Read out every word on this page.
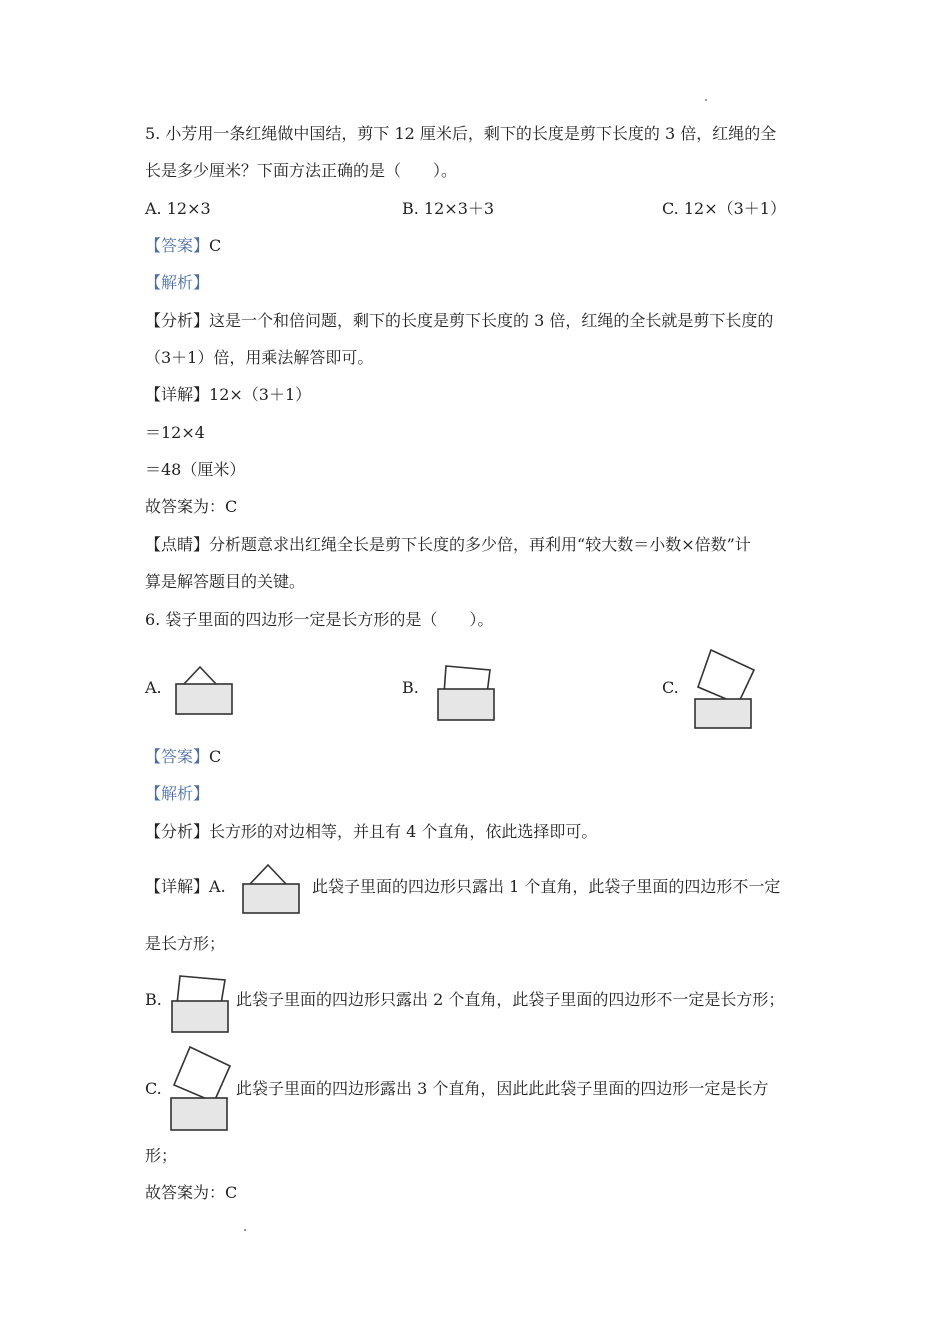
5. 小芳用一条红绳做中国结，剪下 12 厘米后，剩下的长度是剪下长度的 3 倍，红绳的全
长是多少厘米？下面方法正确的是（　　）。
A. 12×3	B. 12×3＋3	C. 12×（3＋1）
【答案】C
【解析】
【分析】这是一个和倍问题，剩下的长度是剪下长度的 3 倍，红绳的全长就是剪下长度的
（3＋1）倍，用乘法解答即可。
【详解】12×（3＋1）
＝12×4
＝48（厘米）
故答案为：C
【点睛】分析题意求出红绳全长是剪下长度的多少倍，再利用“较大数＝小数×倍数”计
算是解答题目的关键。
6. 袋子里面的四边形一定是长方形的是（　　）。
A.	B.	C.
【答案】C
【解析】
【分析】长方形的对边相等，并且有 4 个直角，依此选择即可。
【详解】A.	此袋子里面的四边形只露出 1 个直角，此袋子里面的四边形不一定
是长方形；
B.	此袋子里面的四边形只露出 2 个直角，此袋子里面的四边形不一定是长方形；
C.	此袋子里面的四边形露出 3 个直角，因此此此袋子里面的四边形一定是长方
形；
故答案为：C
